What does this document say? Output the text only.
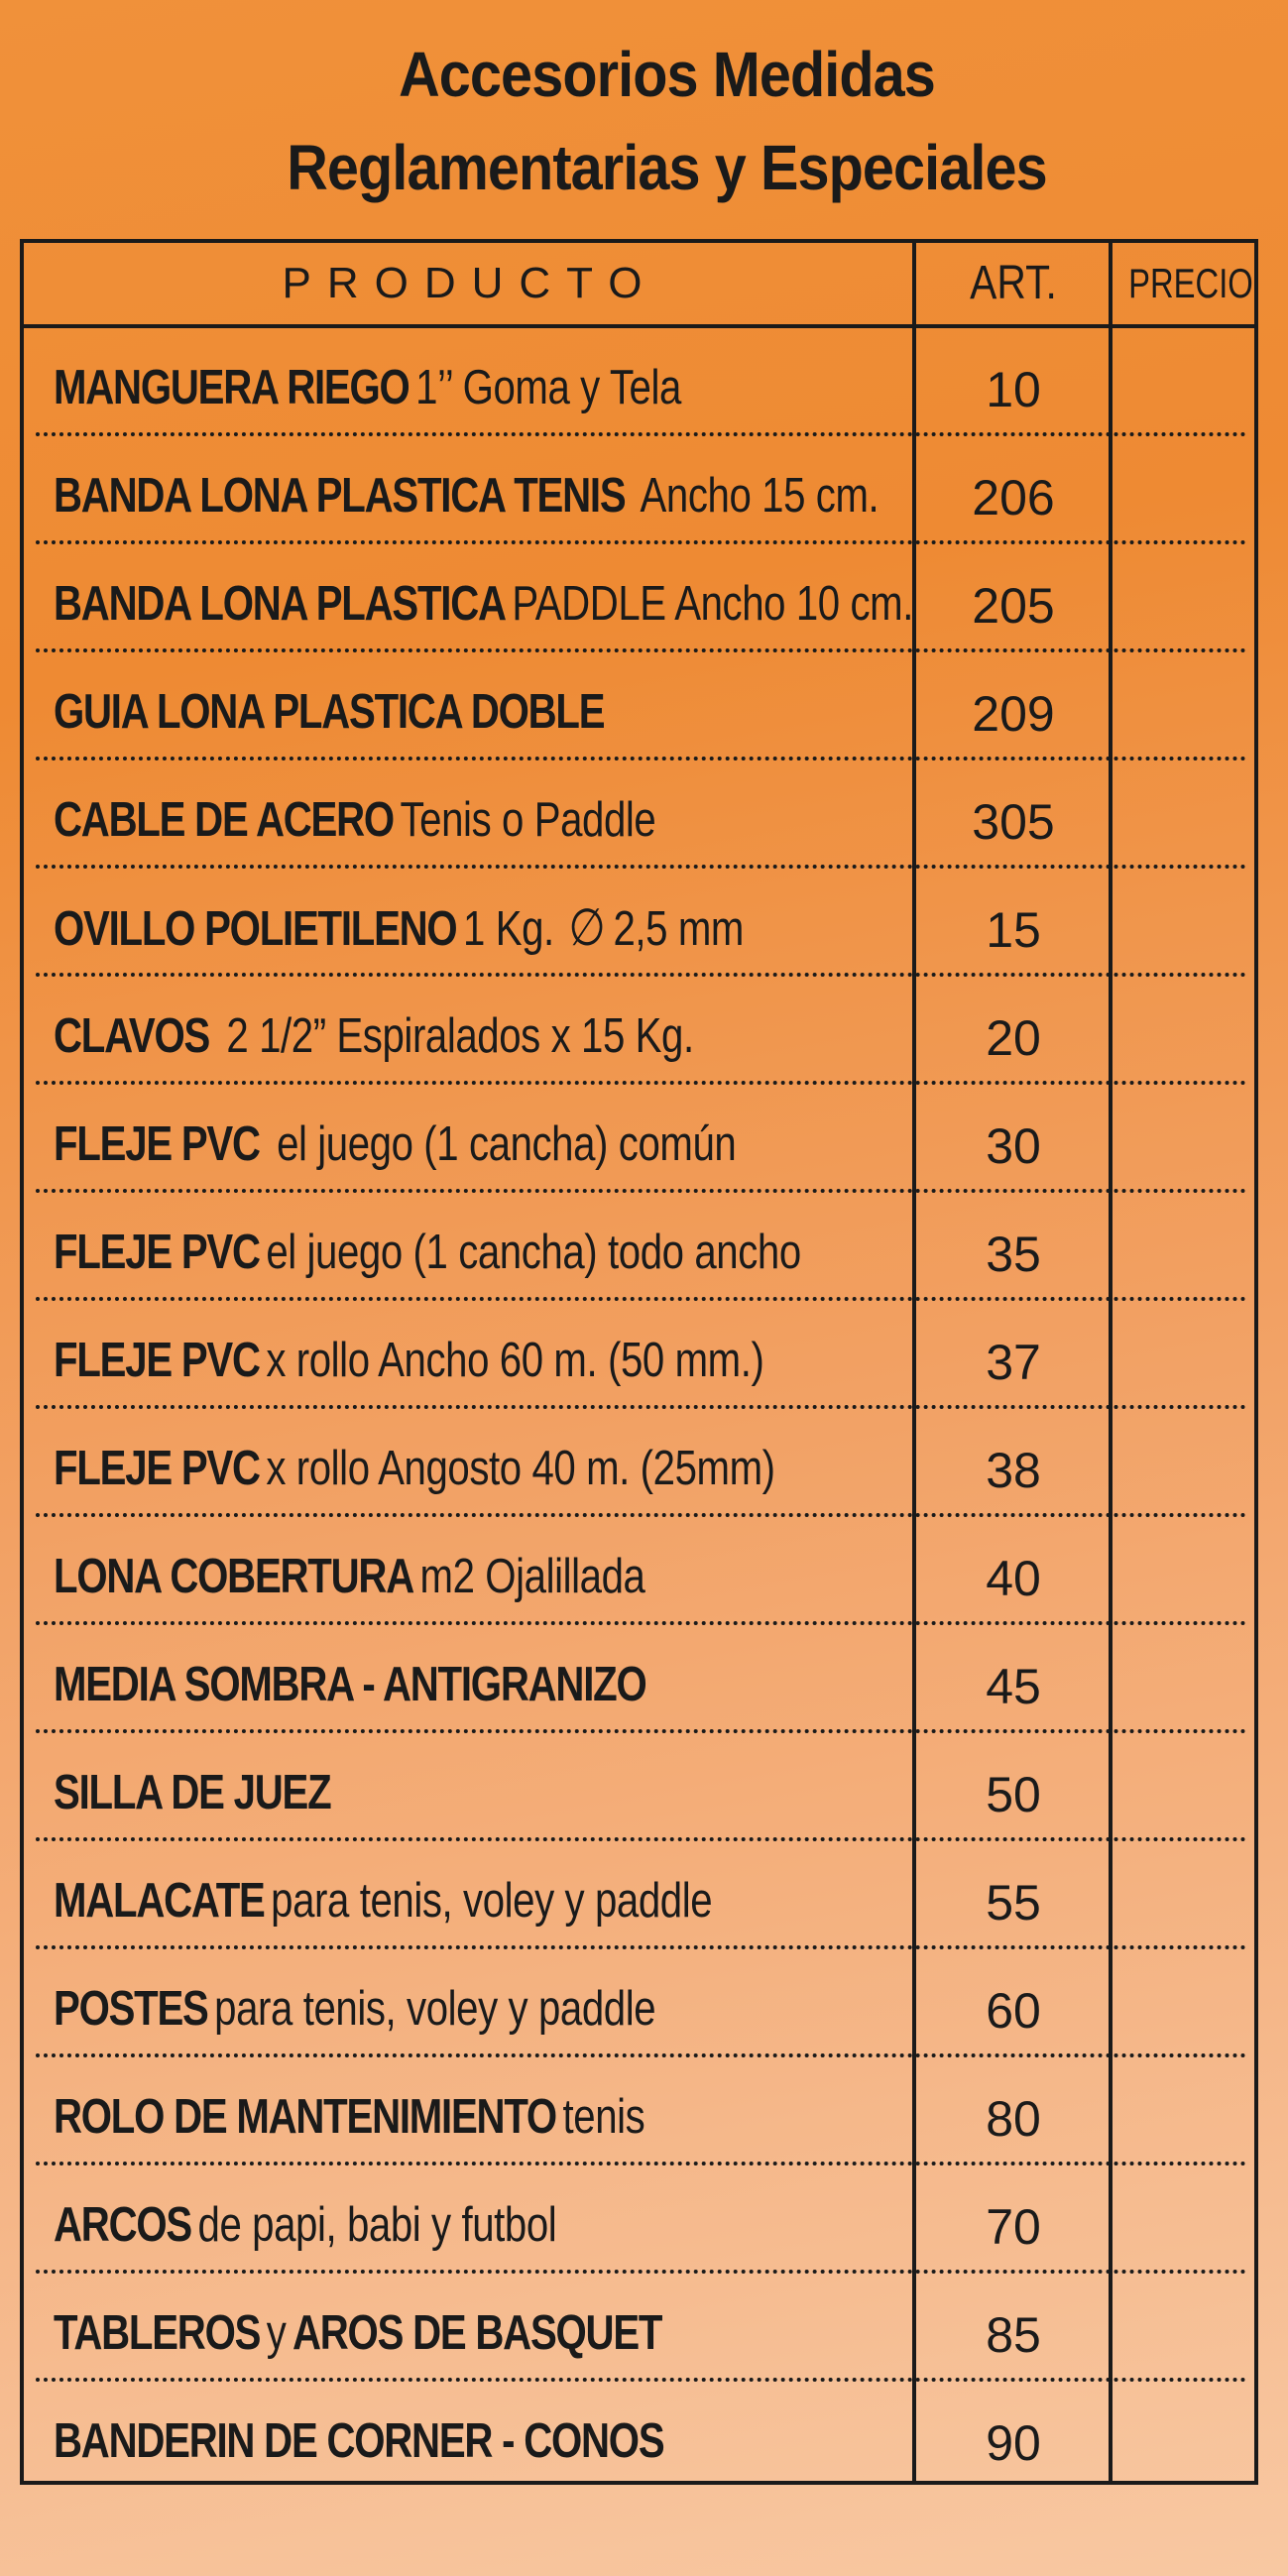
Accesorios Medidas
Reglamentarias y Especiales
PRODUCTO	ART.	PRECIO
MANGUERA RIEGO 1’’ Goma y Tela	10
BANDA LONA PLASTICA TENIS Ancho 15 cm.	206
BANDA LONA PLASTICA PADDLE Ancho 10 cm.	205
GUIA LONA PLASTICA DOBLE	209
CABLE DE ACERO Tenis o Paddle	305
OVILLO POLIETILENO 1 Kg. ∅ 2,5 mm	15
CLAVOS 2 1/2” Espiralados x 15 Kg.	20
FLEJE PVC el juego (1 cancha) común	30
FLEJE PVC el juego (1 cancha) todo ancho	35
FLEJE PVC x rollo Ancho 60 m. (50 mm.)	37
FLEJE PVC x rollo Angosto 40 m. (25mm)	38
LONA COBERTURA m2 Ojalillada	40
MEDIA SOMBRA - ANTIGRANIZO	45
SILLA DE JUEZ	50
MALACATE para tenis, voley y paddle	55
POSTES para tenis, voley y paddle	60
ROLO DE MANTENIMIENTO tenis	80
ARCOS de papi, babi y futbol	70
TABLEROS y AROS DE BASQUET	85
BANDERIN DE CORNER - CONOS	90
